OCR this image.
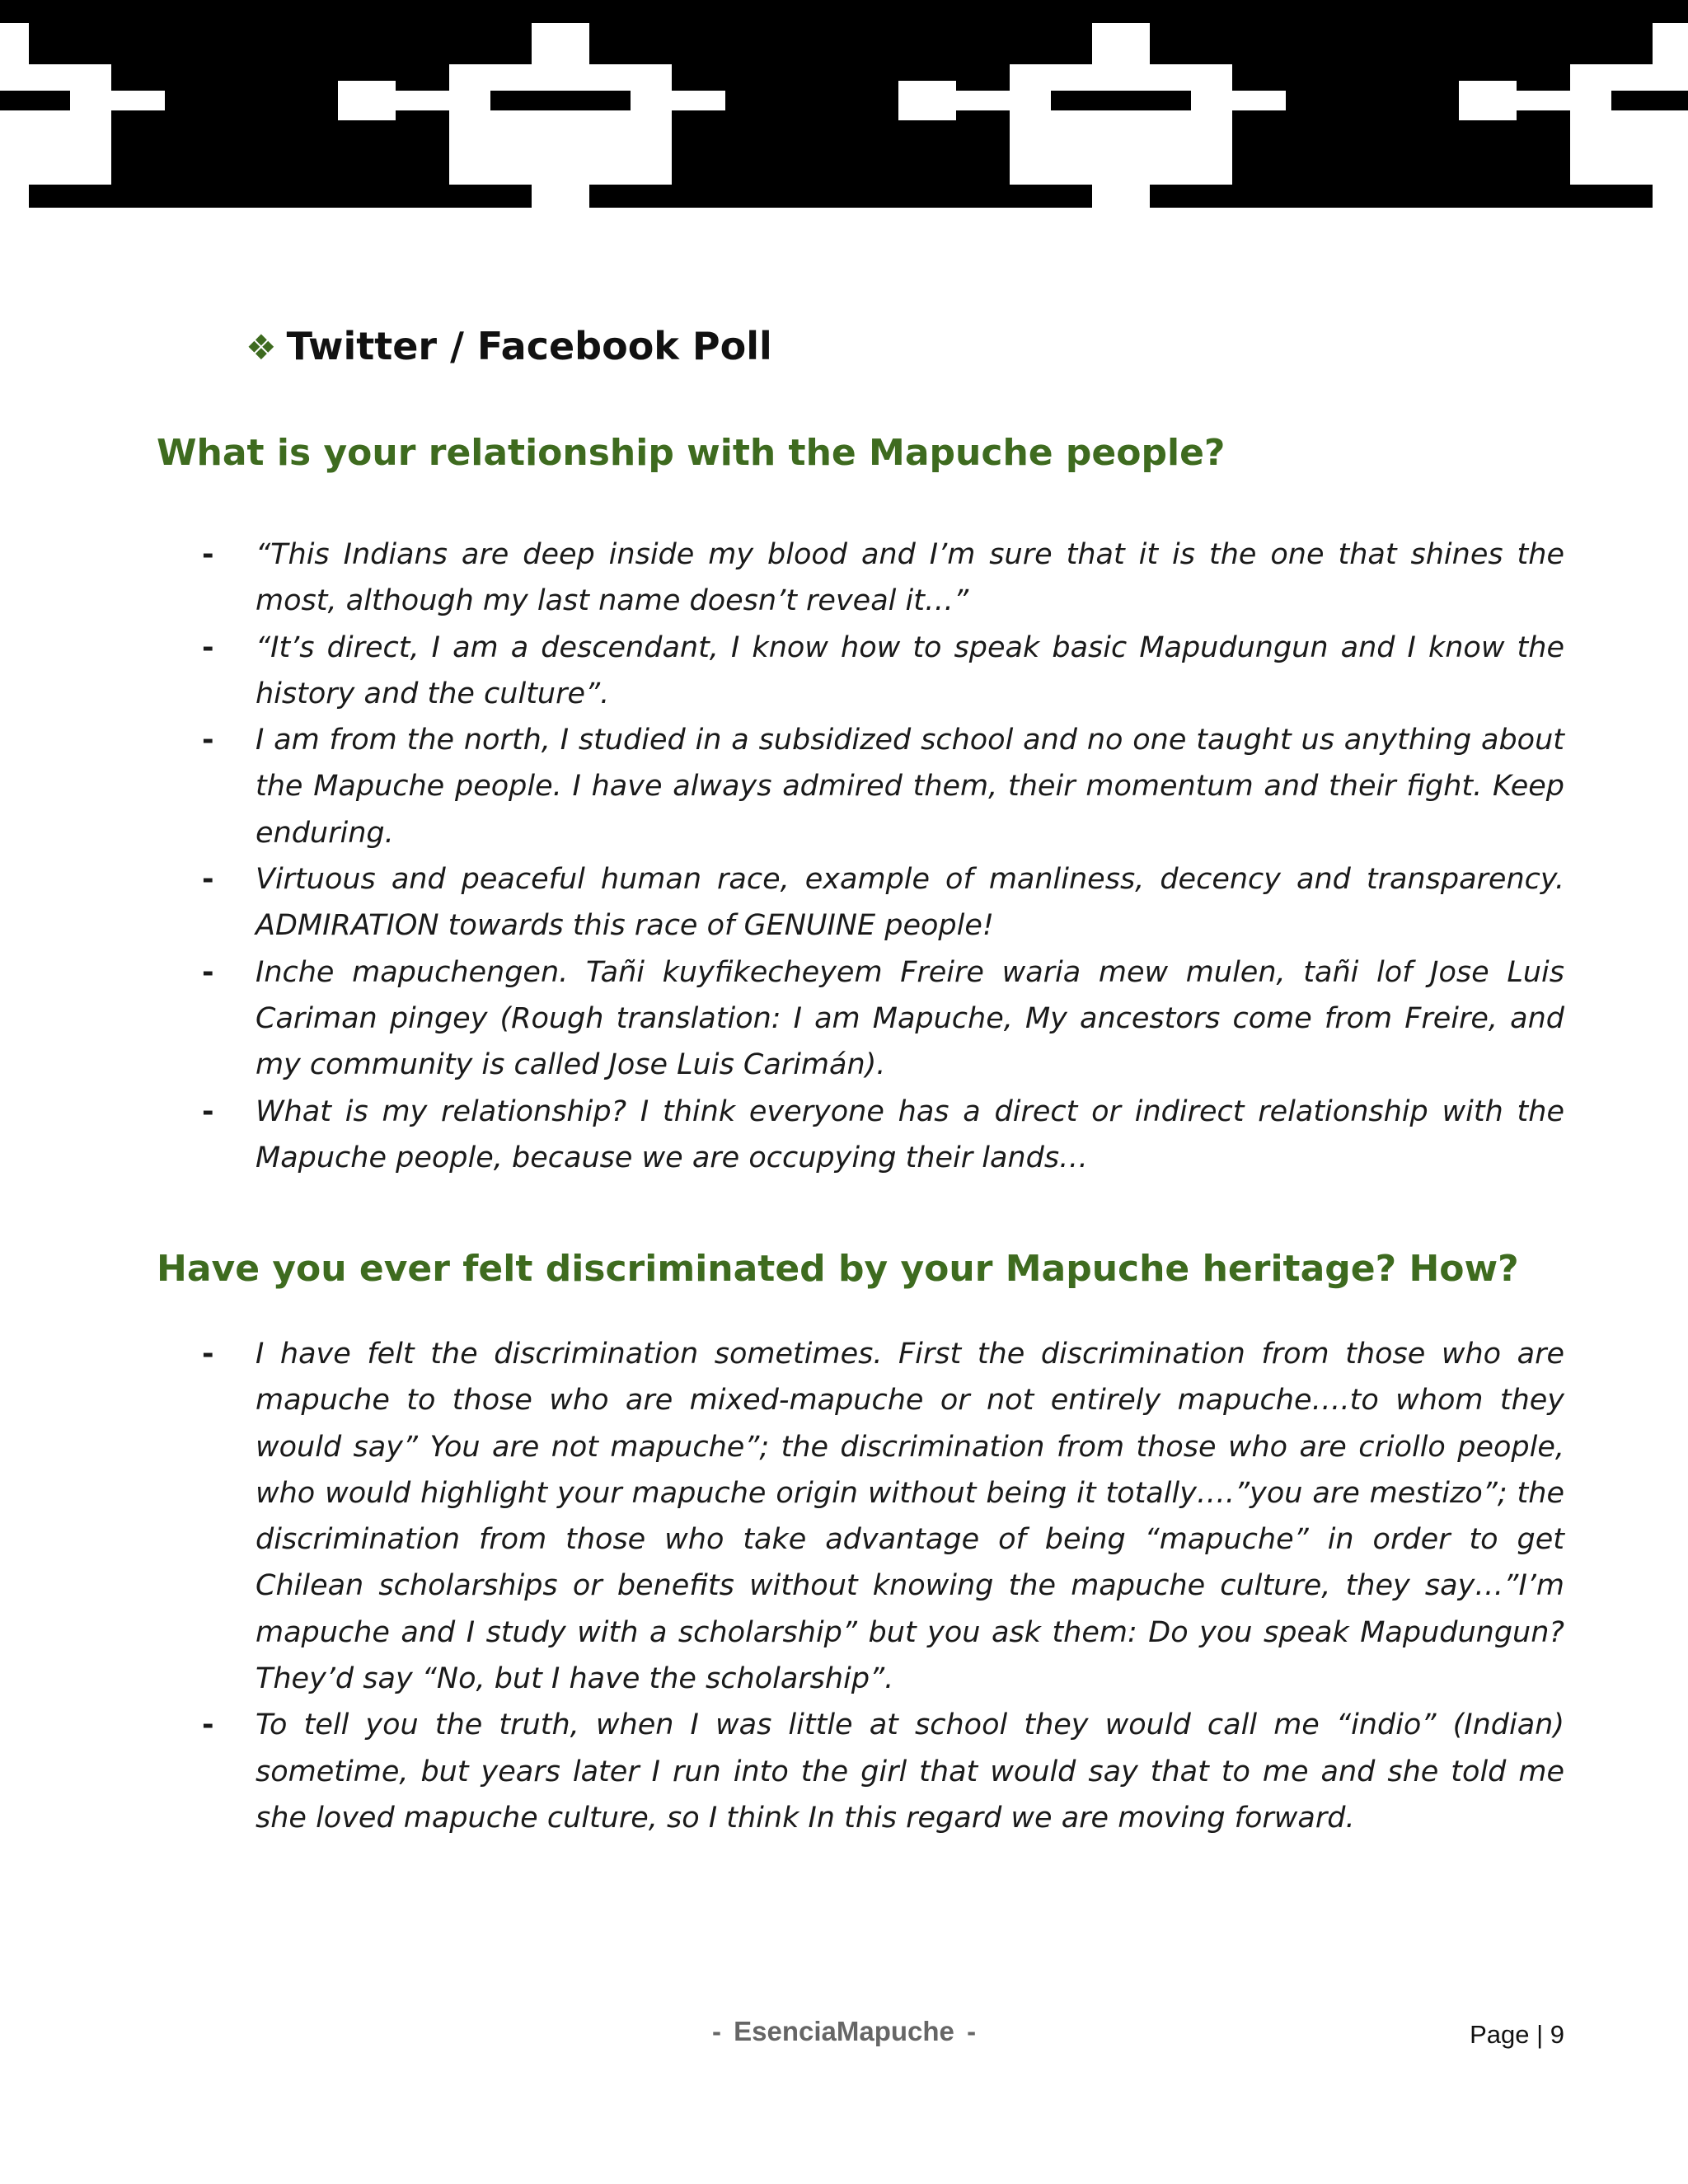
❖ Twitter / Facebook Poll
What is your relationship with the Mapuche people?
- “This Indians are deep inside my blood and I’m sure that it is the one that shines the most, although my last name doesn’t reveal it…”
- “It’s direct, I am a descendant, I know how to speak basic Mapudungun and I know the history and the culture”.
- I am from the north, I studied in a subsidized school and no one taught us anything about the Mapuche people. I have always admired them, their momentum and their fight. Keep enduring.
- Virtuous and peaceful human race, example of manliness, decency and transparency. ADMIRATION towards this race of GENUINE people!
- Inche mapuchengen. Tañi kuyfikecheyem Freire waria mew mulen, tañi lof Jose Luis Cariman pingey (Rough translation: I am Mapuche, My ancestors come from Freire, and my community is called Jose Luis Carimán).
- What is my relationship? I think everyone has a direct or indirect relationship with the Mapuche people, because we are occupying their lands…
Have you ever felt discriminated by your Mapuche heritage? How?
- I have felt the discrimination sometimes. First the discrimination from those who are mapuche to those who are mixed-mapuche or not entirely mapuche….to whom they would say” You are not mapuche”; the discrimination from those who are criollo people, who would highlight your mapuche origin without being it totally….”you are mestizo”; the discrimination from those who take advantage of being “mapuche” in order to get Chilean scholarships or benefits without knowing the mapuche culture, they say…”I’m mapuche and I study with a scholarship” but you ask them: Do you speak Mapudungun? They’d say “No, but I have the scholarship”.
- To tell you the truth, when I was little at school they would call me “indio” (Indian) sometime, but years later I run into the girl that would say that to me and she told me she loved mapuche culture, so I think In this regard we are moving forward.
- EsenciaMapuche -	Page | 9
